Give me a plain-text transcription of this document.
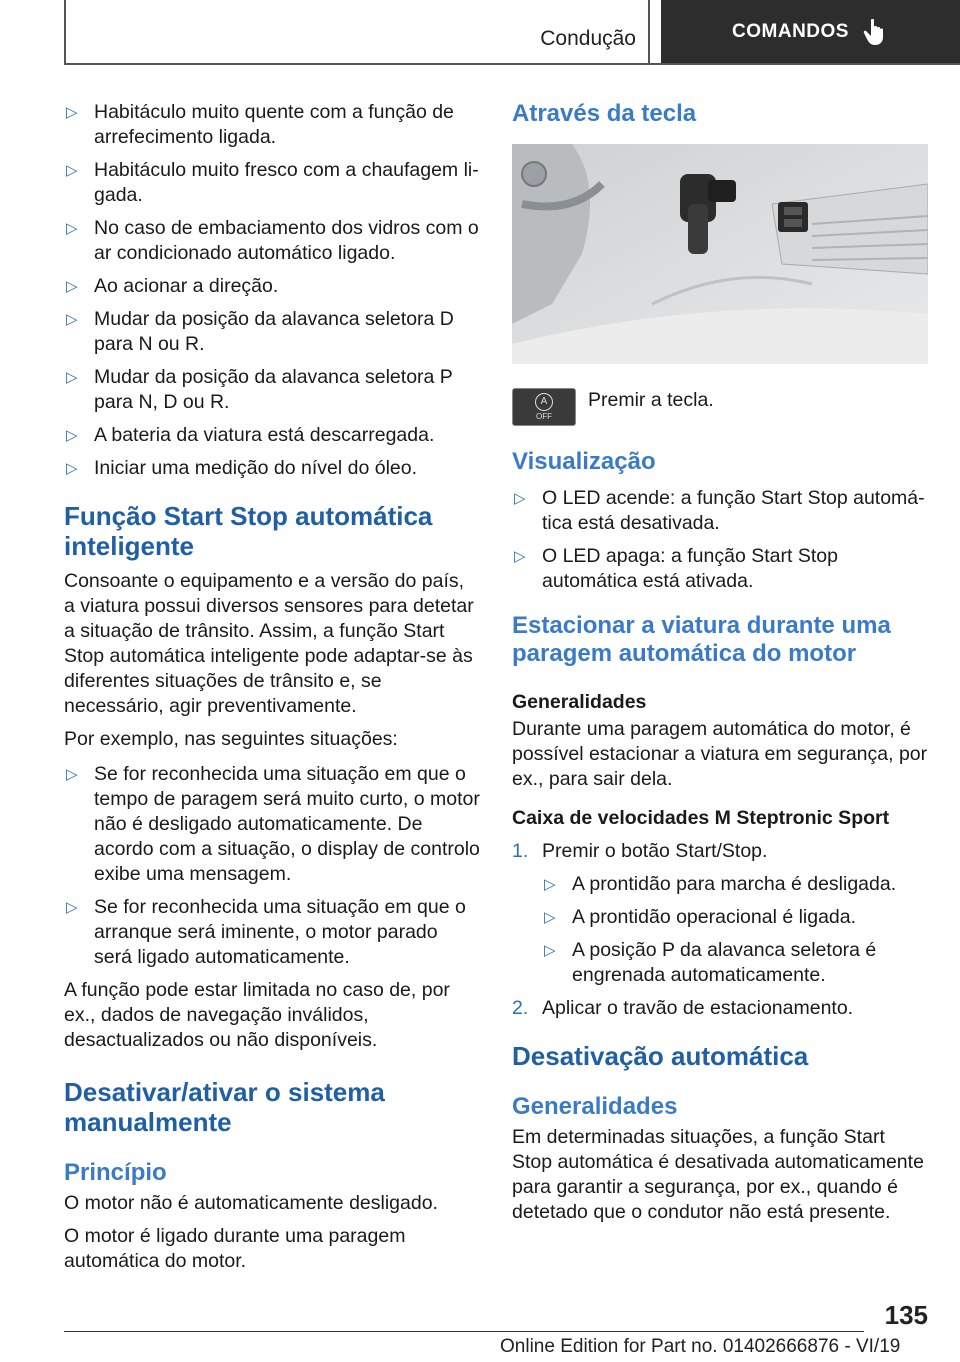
Condução	COMANDOS
▷ Habitáculo muito quente com a função de arrefecimento ligada.
▷ Habitáculo muito fresco com a chaufagem ligada.
▷ No caso de embaciamento dos vidros com o ar condicionado automático ligado.
▷ Ao acionar a direção.
▷ Mudar da posição da alavanca seletora D para N ou R.
▷ Mudar da posição da alavanca seletora P para N, D ou R.
▷ A bateria da viatura está descarregada.
▷ Iniciar uma medição do nível do óleo.
Função Start Stop automática inteligente

Consoante o equipamento e a versão do país, a viatura possui diversos sensores para detetar a situação de trânsito. Assim, a função Start Stop automática inteligente pode adaptar-se às diferentes situações de trânsito e, se necessário, agir preventivamente.

Por exemplo, nas seguintes situações:

▷ Se for reconhecida uma situação em que o tempo de paragem será muito curto, o motor não é desligado automaticamente. De acordo com a situação, o display de controlo exibe uma mensagem.
▷ Se for reconhecida uma situação em que o arranque será iminente, o motor parado será ligado automaticamente.

A função pode estar limitada no caso de, por ex., dados de navegação inválidos, desactualizados ou não disponíveis.

Desativar/ativar o sistema manualmente
Princípio

O motor não é automaticamente desligado.

O motor é ligado durante uma paragem automática do motor.

Através da tecla
A
OFF

Premir a tecla.

Visualização
▷ O LED acende: a função Start Stop automática está desativada.
▷ O LED apaga: a função Start Stop automática está ativada.
Estacionar a viatura durante uma paragem automática do motor
Generalidades

Durante uma paragem automática do motor, é possível estacionar a viatura em segurança, por ex., para sair dela.

Caixa de velocidades M Steptronic Sport
1. Premir o botão Start/Stop.
▷ A prontidão para marcha é desligada.
▷ A prontidão operacional é ligada.
▷ A posição P da alavanca seletora é engrenada automaticamente.
2. Aplicar o travão de estacionamento.
Desativação automática
Generalidades

Em determinadas situações, a função Start Stop automática é desativada automaticamente para garantir a segurança, por ex., quando é detetado que o condutor não está presente.

135
Online Edition for Part no. 01402666876 - VI/19
